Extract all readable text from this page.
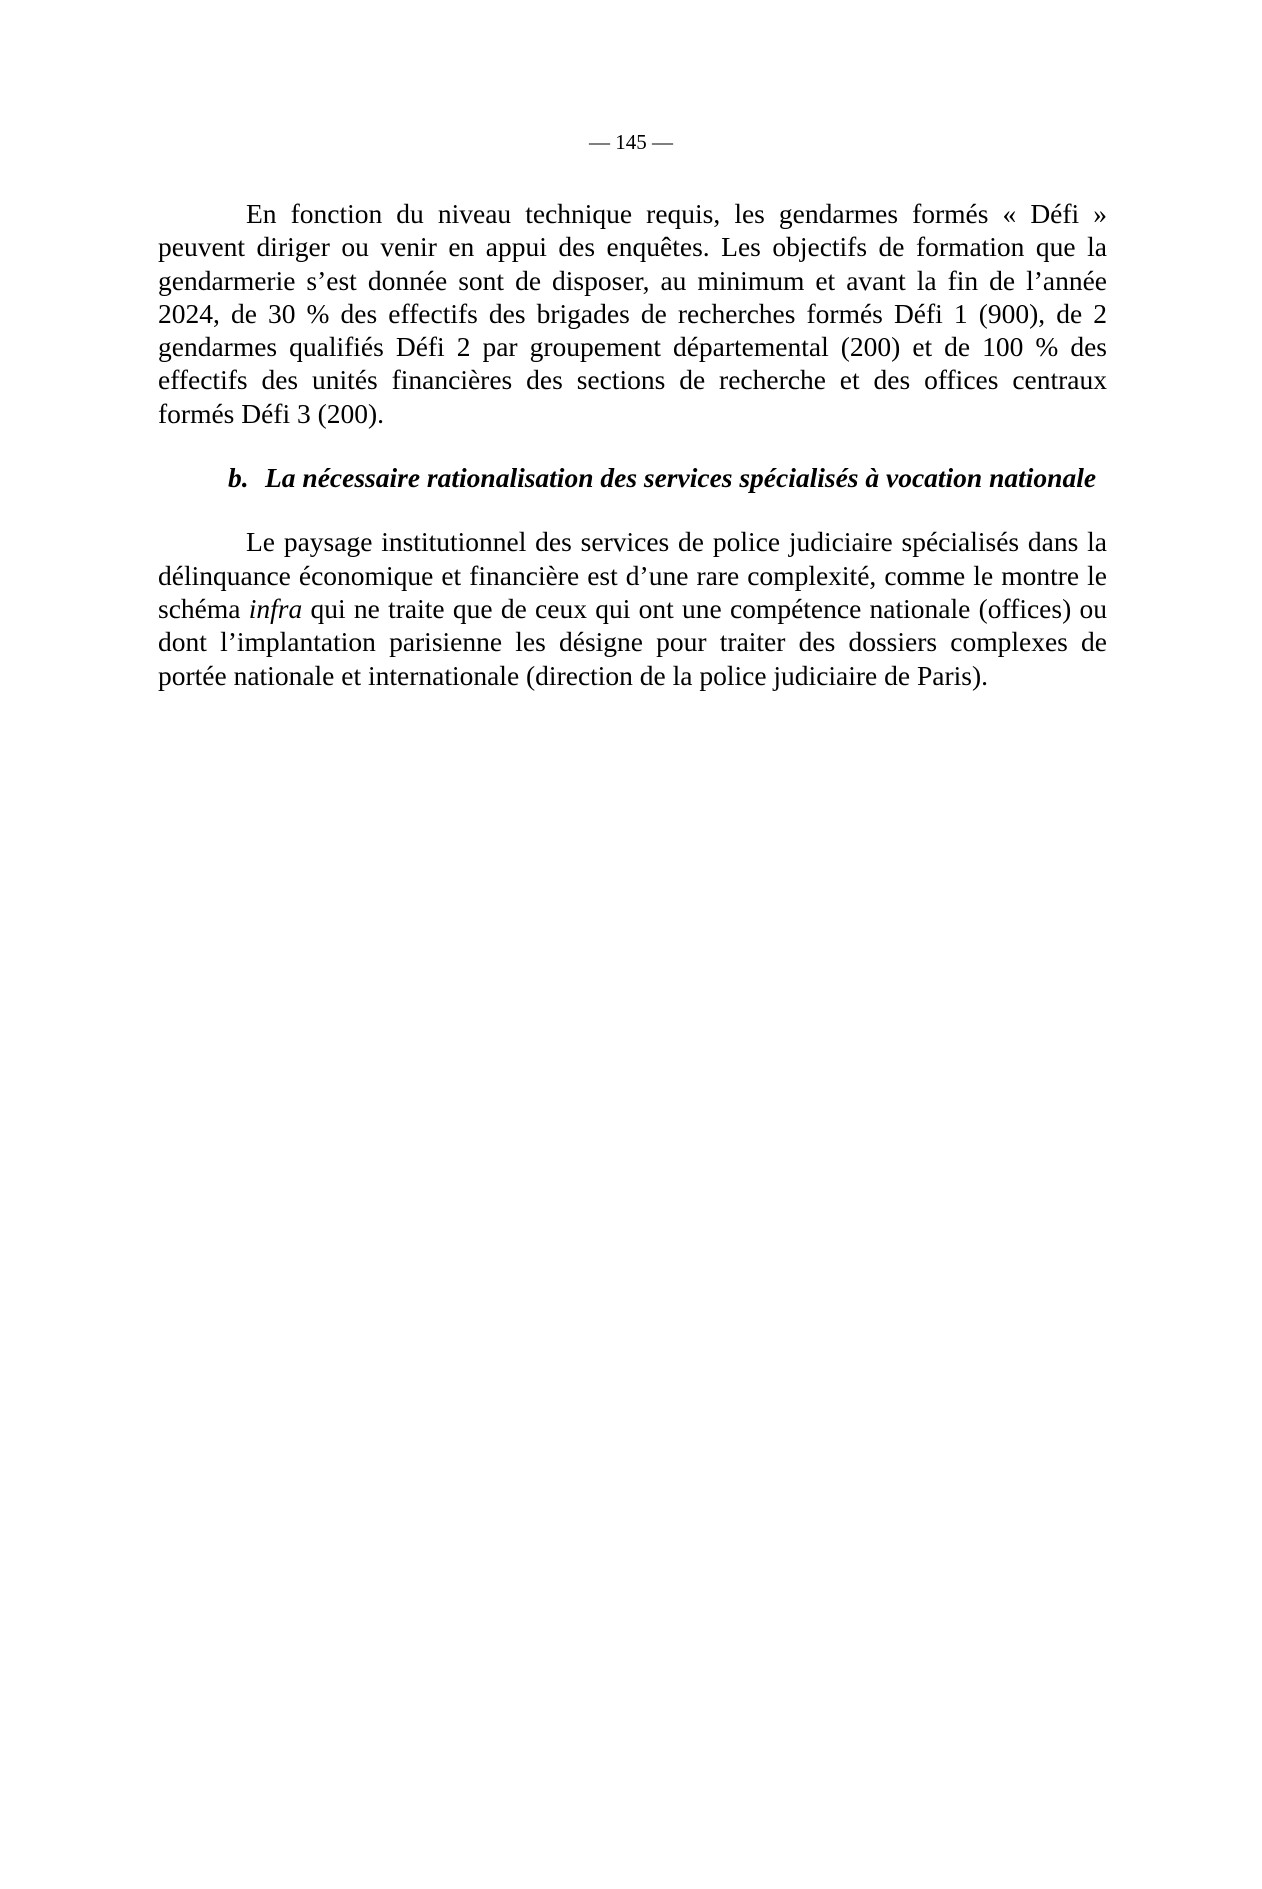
— 145 —

En fonction du niveau technique requis, les gendarmes formés « Défi » peuvent diriger ou venir en appui des enquêtes. Les objectifs de formation que la gendarmerie s’est donnée sont de disposer, au minimum et avant la fin de l’année 2024, de 30 % des effectifs des brigades de recherches formés Défi 1 (900), de 2 gendarmes qualifiés Défi 2 par groupement départemental (200) et de 100 % des effectifs des unités financières des sections de recherche et des offices centraux formés Défi 3 (200).

b. La nécessaire rationalisation des services spécialisés à vocation nationale

Le paysage institutionnel des services de police judiciaire spécialisés dans la délinquance économique et financière est d’une rare complexité, comme le montre le schéma infra qui ne traite que de ceux qui ont une compétence nationale (offices) ou dont l’implantation parisienne les désigne pour traiter des dossiers complexes de portée nationale et internationale (direction de la police judiciaire de Paris).
